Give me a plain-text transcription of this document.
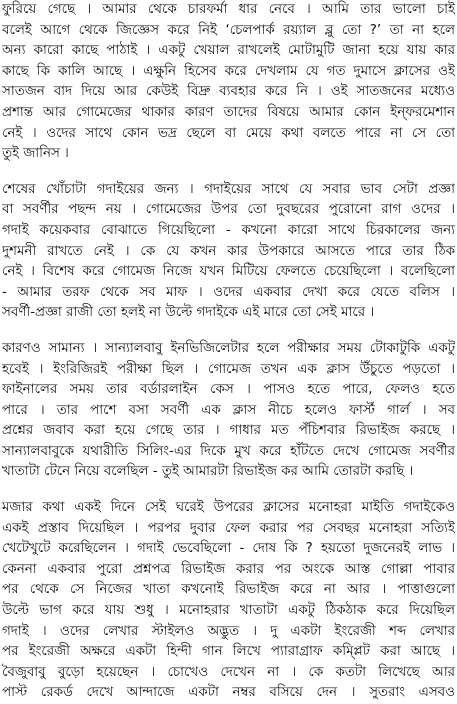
ফুরিয়ে গেছে । আমার থেকে চারফর্মা ধার নেবে । আমি তার ভালো চাই
বলেই আগে থেকে জিজ্ঞেস করে নিই ‘চেলপার্ক রয়্যাল ব্লু তো ?’ তা না হলে
অন্য কারো কাছে পাঠাই । একটু খেয়াল রাখলেই মোটামুটি জানা হয়ে যায় কার
কাছে কি কালি আছে । এক্ষুনি হিসেব করে দেখলাম যে গত দুমাসে ক্লাসের ওই
সাতজন বাদ দিয়ে আর কেউই বিদ্রু ব্যবহার করে নি । ওই সাতজনের মধ্যেও
প্রশান্ত আর গোমেজের থাকার কারণ তাদের বিষয়ে আমার কোন ইন্ফরমেশান
নেই । ওদের সাথে কোন ভদ্র ছেলে বা মেয়ে কথা বলতে পারে না সে তো
তুই জানিস ।
শেষের খোঁচাটা গদাইয়ের জন্য । গদাইয়ের সাথে যে সবার ভাব সেটা প্রজ্ঞা
বা সবর্ণীর পছন্দ নয় । গোমেজের উপর তো দুবছরের পুরোনো রাগ ওদের ।
গদাই কয়েকবার বোঝাতে গিয়েছিলো - কখনো কারো সাথে চিরকালের জন্য
দুশমনী রাখতে নেই । কে যে কখন কার উপকারে আসতে পারে তার ঠিক
নেই । বিশেষ করে গোমেজ নিজে যখন মিটিয়ে ফেলতে চেয়েছিলো । বলেছিলো
- আমার তরফ থেকে সব মাফ । ওদের একবার দেখা করে যেতে বলিস ।
সবর্ণী-প্রজ্ঞা রাজী তো হলই না উল্টে গদাইকে এই মারে তো সেই মারে ।
কারণও সামান্য । সান্যালবাবু ইনভিজিলেটার হলে পরীক্ষার সময় টোকাটুকি একটু
হবেই । ইংরিজিরই পরীক্ষা ছিল । গোমেজ তখন এক ক্লাস উঁচুতে পড়তো ।
ফাইনালের সময় তার বর্ডারলাইন কেস । পাসও হতে পারে, ফেলও হতে
পারে । তার পাশে বসা সবর্ণী এক ক্লাস নীচে হলেও ফার্স্ট গার্ল । সব
প্রশ্নের জবাব করা হয়ে গেছে তার । গাধার মত পঁচিশবার রিভাইজ করছে ।
সান্যালবাবুকে যথারীতি সিলিং-এর দিকে মুখ করে হাঁটতে দেখে গোমেজ সবর্ণীর
খাতাটা টেনে নিয়ে বলেছিল - তুই আমারটা রিভাইজ কর আমি তোরটা করছি ।
মজার কথা একই দিনে সেই ঘরেই উপরের ক্লাসের মনোহরা মাইতি গদাইকেও
একই প্রস্তাব দিয়েছিল । পরপর দুবার ফেল করার পর সেবছর মনোহরা সত্যিই
খেটেখুটে করেছিলেন । গদাই ভেবেছিলো - দোষ কি ? হয়তো দুজনেরই লাভ ।
কেননা একবার পুরো প্রশ্নপত্র রিভাইজ করার পর অংকে আস্ত গোল্লা পাবার
পর থেকে সে নিজের খাতা কখনোই রিভাইজ করে না আর । পাত্তাগুলো
উল্টে ভাগ করে যায় শুধু । মনোহরার খাতাটা একটু ঠিকঠাক করে দিয়েছিল
গদাই । ওদের লেখার স্টাইলও অদ্ভুত । দু একটা ইংরেজী শব্দ লেখার
পর ইংরেজী অক্ষরে একটা হিন্দী গান লিখে প্যারাগ্রাফ কম্প্লিট করা আছে ।
বৈজুবাবু বুড়ো হয়েছেন । চোখেও দেখেন না । কে কতটা লিখেছে আর
পাস্ট রেকর্ড দেখে আন্দাজে একটা নম্বর বসিয়ে দেন । সুতরাং এসবও
